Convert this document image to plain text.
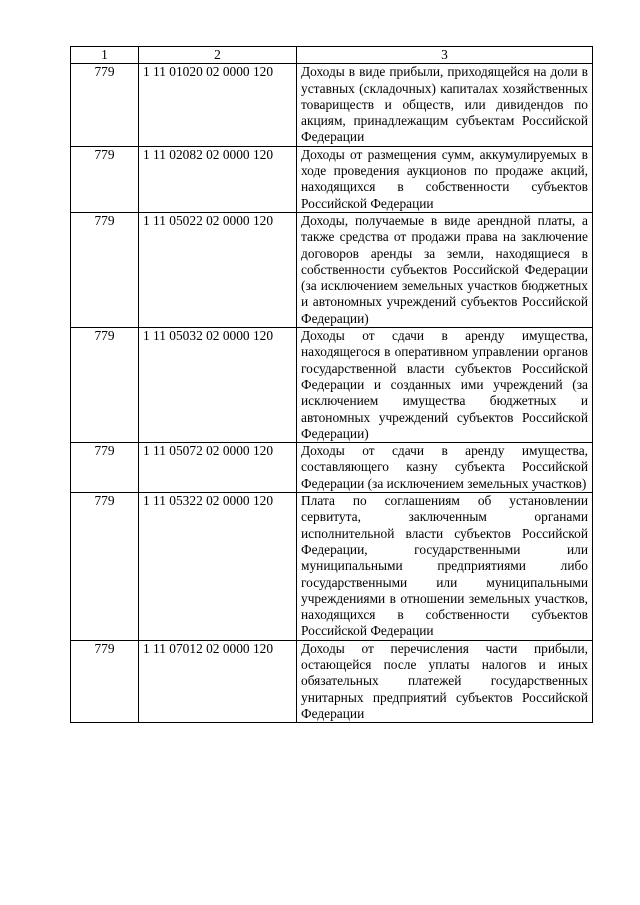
1	2	3
779	1 11 01020 02 0000 120	Доходы в виде прибыли, приходящейся на доли в уставных (складочных) капиталах хозяйственных товариществ и обществ, или дивидендов по акциям, принадлежащим субъектам Российской Федерации
779	1 11 02082 02 0000 120	Доходы от размещения сумм, аккумулируемых в ходе проведения аукционов по продаже акций, находящихся в собственности субъектов Российской Федерации
779	1 11 05022 02 0000 120	Доходы, получаемые в виде арендной платы, а также средства от продажи права на заключение договоров аренды за земли, находящиеся в собственности субъектов Российской Федерации (за исключением земельных участков бюджетных и автономных учреждений субъектов Российской Федерации)
779	1 11 05032 02 0000 120	Доходы от сдачи в аренду имущества, находящегося в оперативном управлении органов государственной власти субъектов Российской Федерации и созданных ими учреждений (за исключением имущества бюджетных и автономных учреждений субъектов Российской Федерации)
779	1 11 05072 02 0000 120	Доходы от сдачи в аренду имущества, составляющего казну субъекта Российской Федерации (за исключением земельных участков)
779	1 11 05322 02 0000 120	Плата по соглашениям об установлении сервитута, заключенным органами исполнительной власти субъектов Российской Федерации, государственными или муниципальными предприятиями либо государственными или муниципальными учреждениями в отношении земельных участков, находящихся в собственности субъектов Российской Федерации
779	1 11 07012 02 0000 120	Доходы от перечисления части прибыли, остающейся после уплаты налогов и иных обязательных платежей государственных унитарных предприятий субъектов Российской Федерации
